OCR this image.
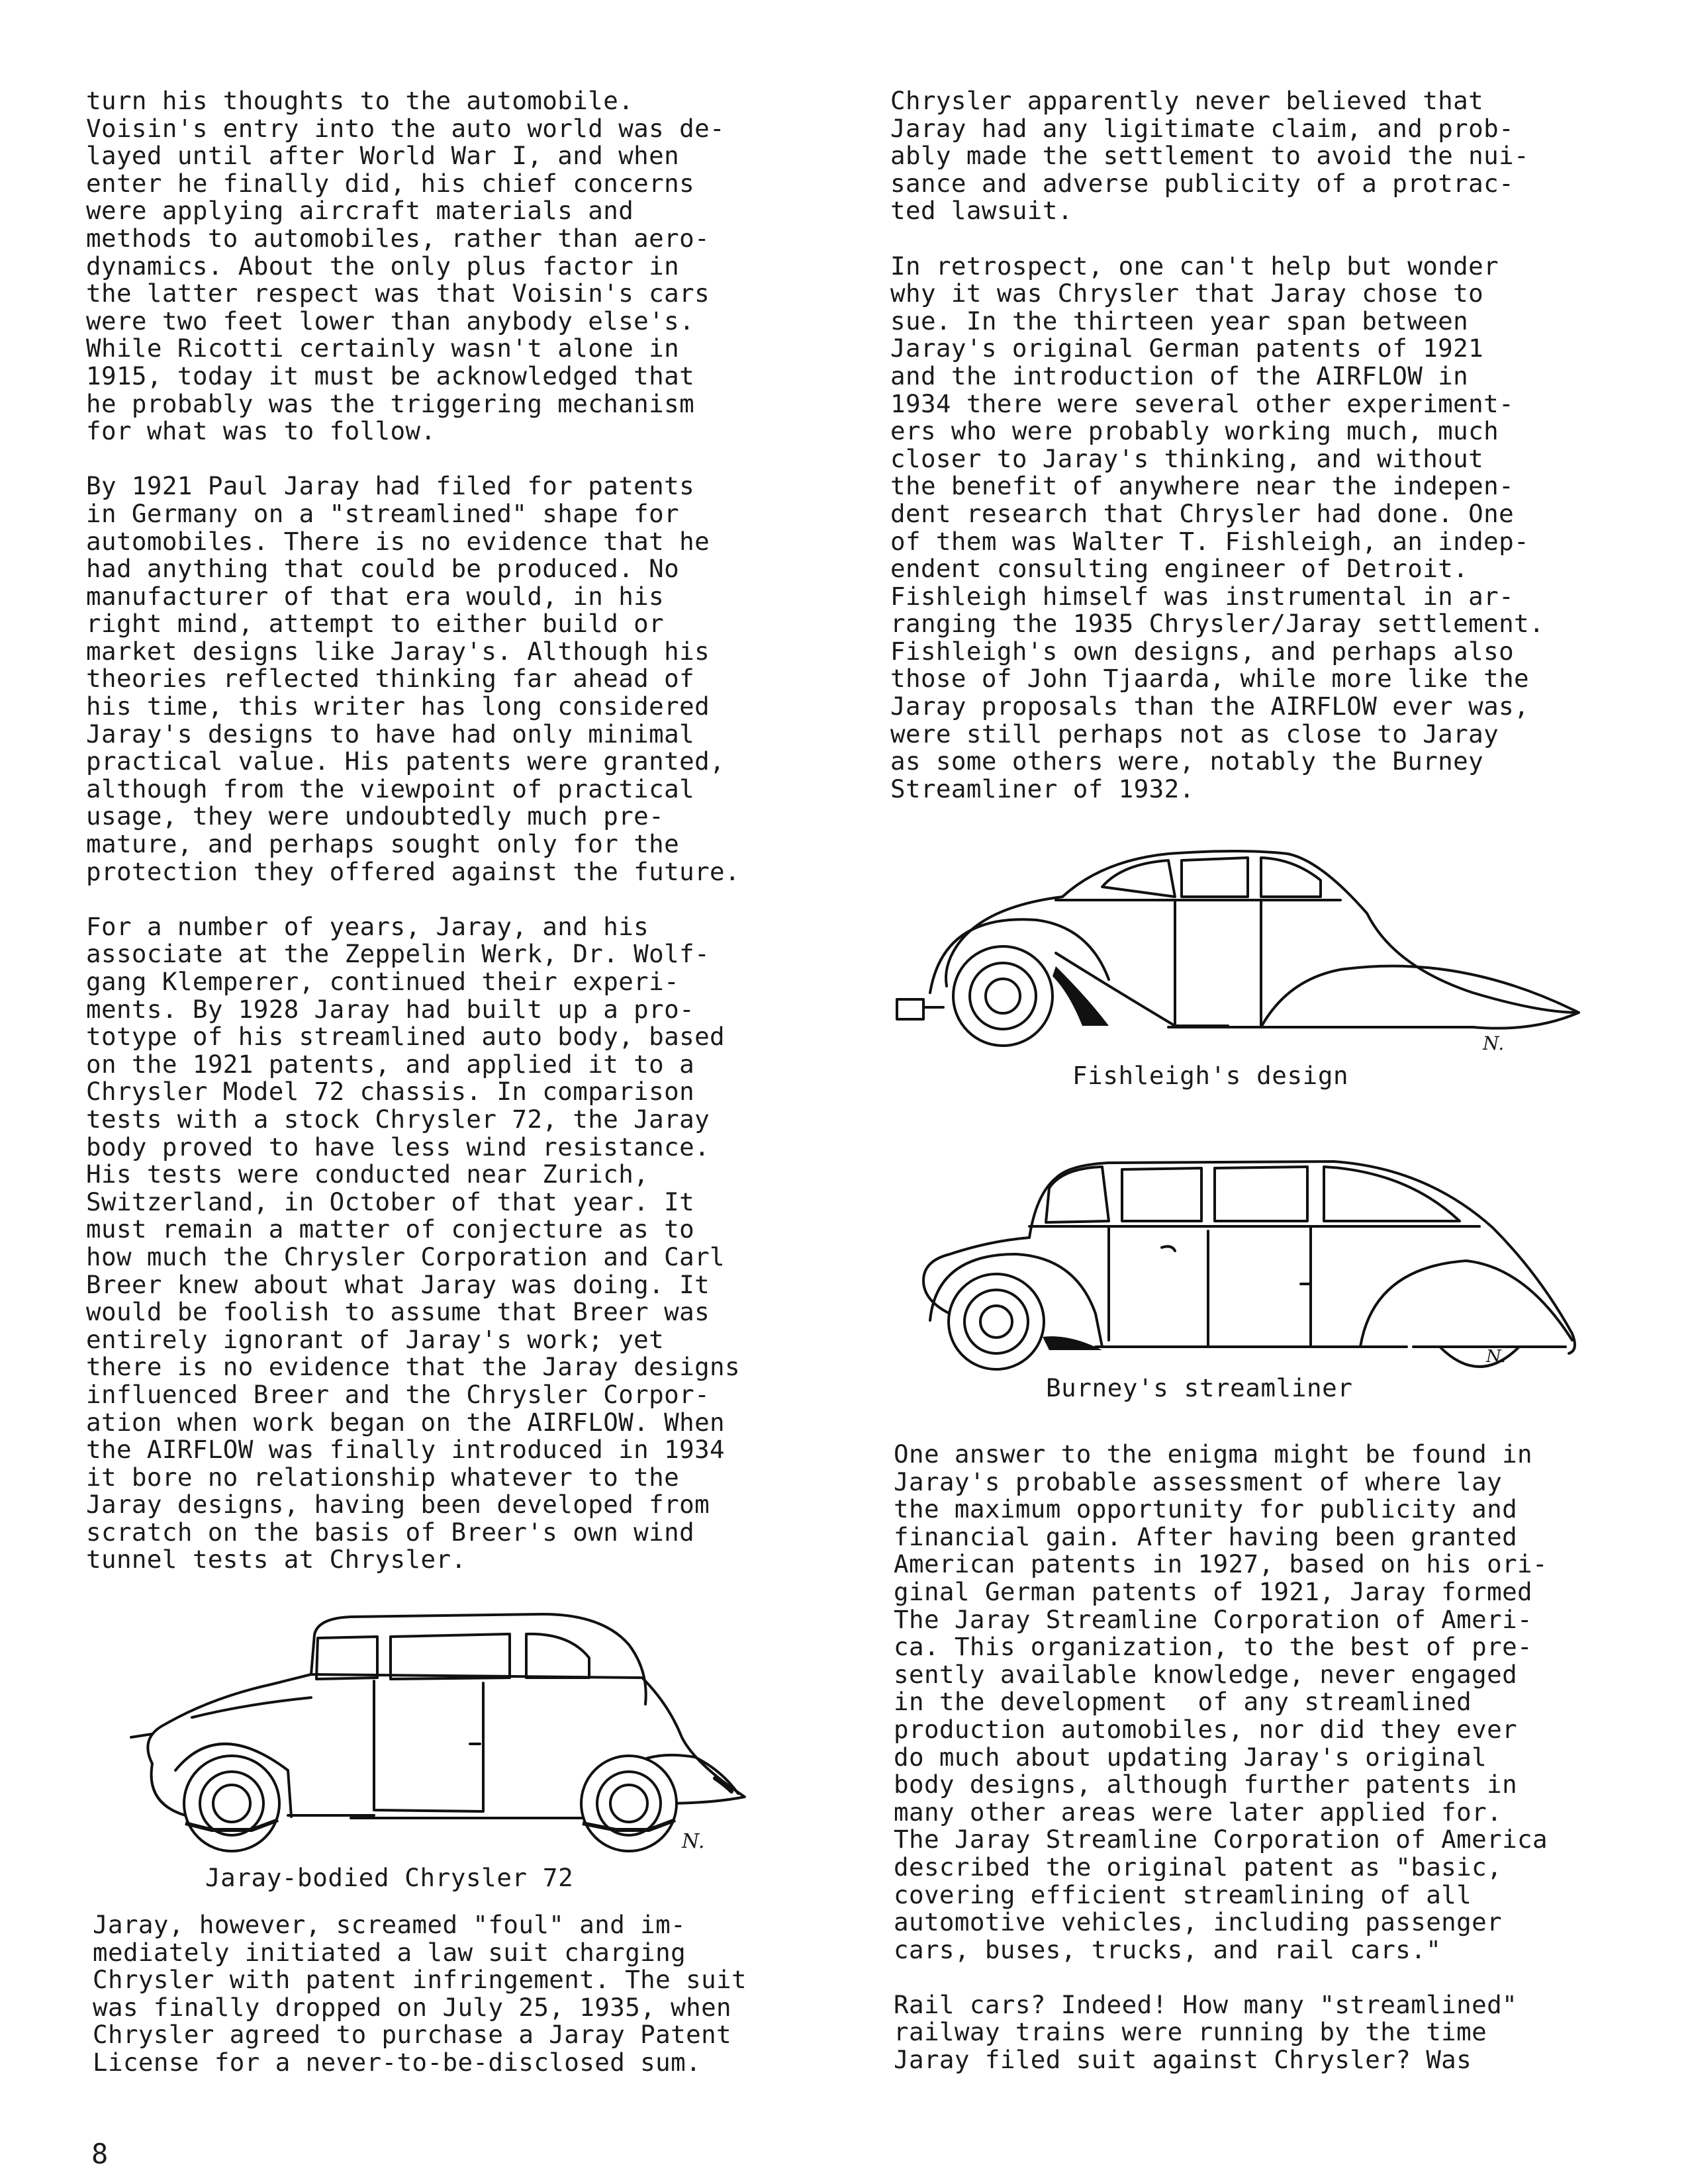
turn his thoughts to the automobile.
Voisin's entry into the auto world was de-
layed until after World War I, and when
enter he finally did, his chief concerns
were applying aircraft materials and
methods to automobiles, rather than aero-
dynamics. About the only plus factor in
the latter respect was that Voisin's cars
were two feet lower than anybody else's.
While Ricotti certainly wasn't alone in
1915, today it must be acknowledged that
he probably was the triggering mechanism
for what was to follow.
By 1921 Paul Jaray had filed for patents
in Germany on a "streamlined" shape for
automobiles. There is no evidence that he
had anything that could be produced. No
manufacturer of that era would, in his
right mind, attempt to either build or
market designs like Jaray's. Although his
theories reflected thinking far ahead of
his time, this writer has long considered
Jaray's designs to have had only minimal
practical value. His patents were granted,
although from the viewpoint of practical
usage, they were undoubtedly much pre-
mature, and perhaps sought only for the
protection they offered against the future.
For a number of years, Jaray, and his
associate at the Zeppelin Werk, Dr. Wolf-
gang Klemperer, continued their experi-
ments. By 1928 Jaray had built up a pro-
totype of his streamlined auto body, based
on the 1921 patents, and applied it to a
Chrysler Model 72 chassis. In comparison
tests with a stock Chrysler 72, the Jaray
body proved to have less wind resistance.
His tests were conducted near Zurich,
Switzerland, in October of that year. It
must remain a matter of conjecture as to
how much the Chrysler Corporation and Carl
Breer knew about what Jaray was doing. It
would be foolish to assume that Breer was
entirely ignorant of Jaray's work; yet
there is no evidence that the Jaray designs
influenced Breer and the Chrysler Corpor-
ation when work began on the AIRFLOW. When
the AIRFLOW was finally introduced in 1934
it bore no relationship whatever to the
Jaray designs, having been developed from
scratch on the basis of Breer's own wind
tunnel tests at Chrysler.
Jaray-bodied Chrysler 72
N.
Jaray, however, screamed "foul" and im-
mediately initiated a law suit charging
Chrysler with patent infringement. The suit
was finally dropped on July 25, 1935, when
Chrysler agreed to purchase a Jaray Patent
License for a never-to-be-disclosed sum.
Chrysler apparently never believed that
Jaray had any ligitimate claim, and prob-
ably made the settlement to avoid the nui-
sance and adverse publicity of a protrac-
ted lawsuit.
In retrospect, one can't help but wonder
why it was Chrysler that Jaray chose to
sue. In the thirteen year span between
Jaray's original German patents of 1921
and the introduction of the AIRFLOW in
1934 there were several other experiment-
ers who were probably working much, much
closer to Jaray's thinking, and without
the benefit of anywhere near the indepen-
dent research that Chrysler had done. One
of them was Walter T. Fishleigh, an indep-
endent consulting engineer of Detroit.
Fishleigh himself was instrumental in ar-
ranging the 1935 Chrysler/Jaray settlement.
Fishleigh's own designs, and perhaps also
those of John Tjaarda, while more like the
Jaray proposals than the AIRFLOW ever was,
were still perhaps not as close to Jaray
as some others were, notably the Burney
Streamliner of 1932.
Fishleigh's design
N.
Burney's streamliner
N.
One answer to the enigma might be found in
Jaray's probable assessment of where lay
the maximum opportunity for publicity and
financial gain. After having been granted
American patents in 1927, based on his ori-
ginal German patents of 1921, Jaray formed
The Jaray Streamline Corporation of Ameri-
ca. This organization, to the best of pre-
sently available knowledge, never engaged
in the development  of any streamlined
production automobiles, nor did they ever
do much about updating Jaray's original
body designs, although further patents in
many other areas were later applied for.
The Jaray Streamline Corporation of America
described the original patent as "basic,
covering efficient streamlining of all
automotive vehicles, including passenger
cars, buses, trucks, and rail cars."
Rail cars? Indeed! How many "streamlined"
railway trains were running by the time
Jaray filed suit against Chrysler? Was
8
